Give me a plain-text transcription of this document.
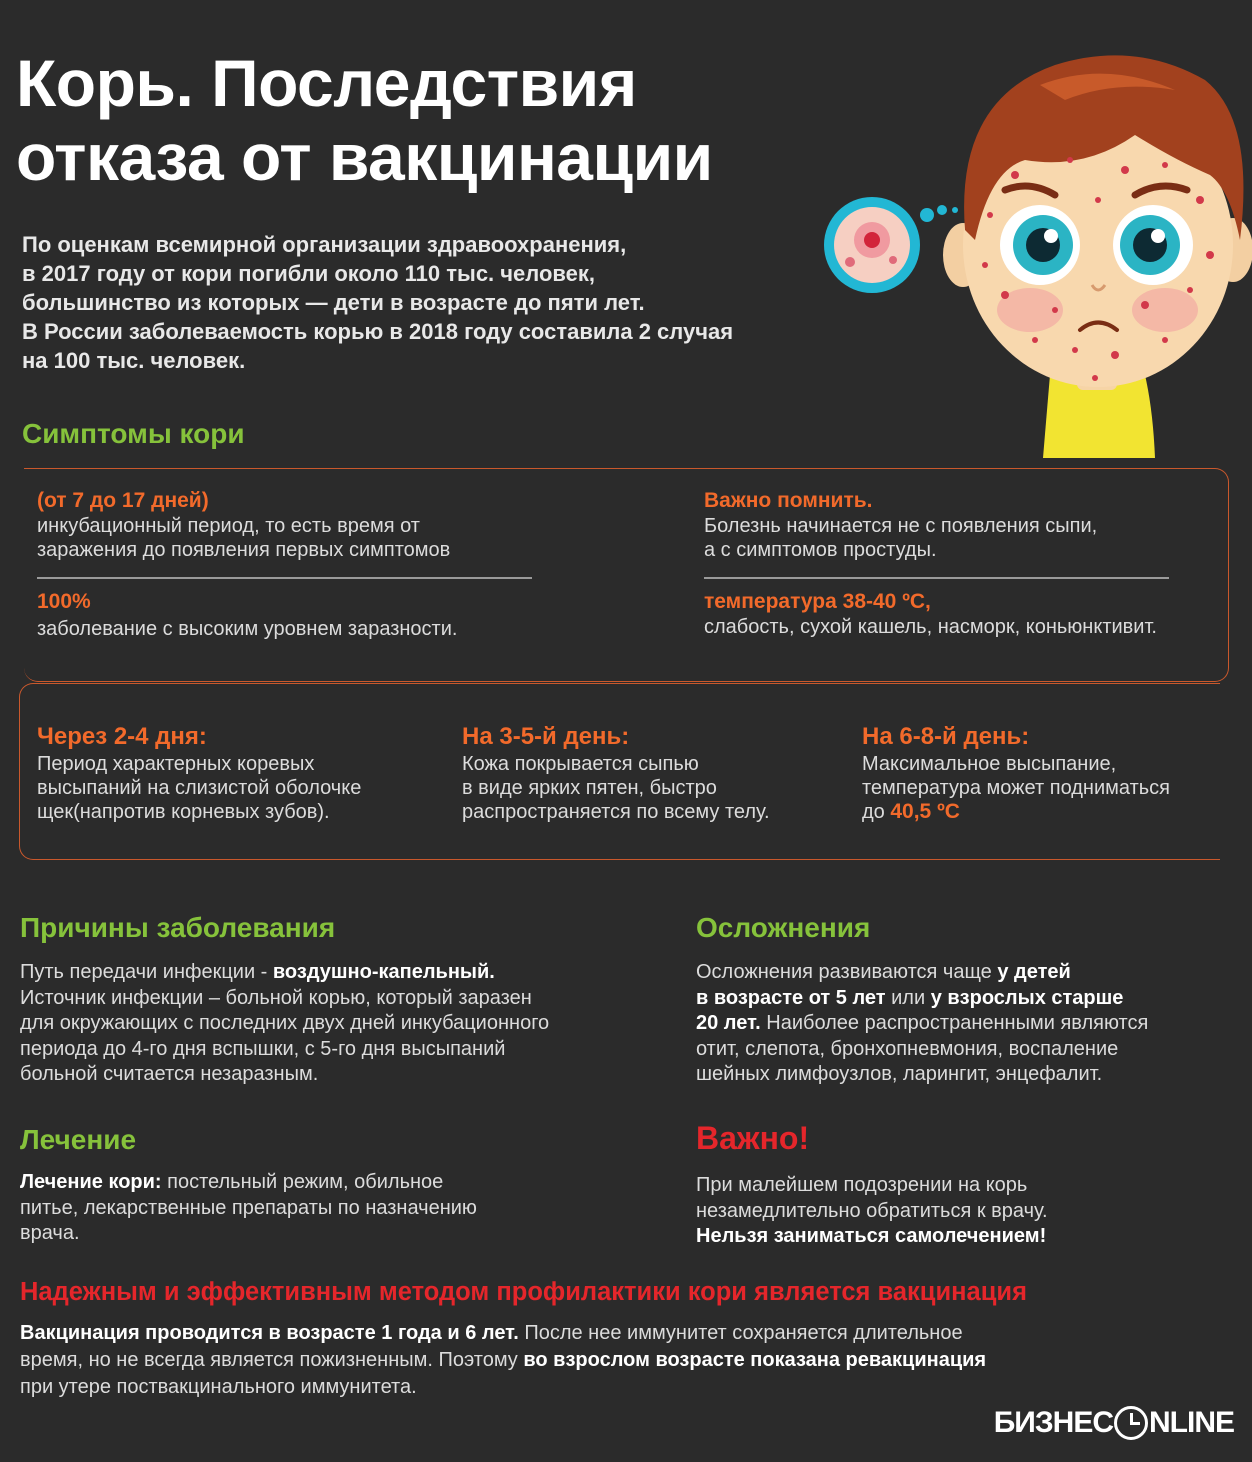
Корь. Последствия
отказа от вакцинации
По оценкам всемирной организации здравоохранения,
в 2017 году от кори погибли около 110 тыс. человек,
большинство из которых — дети в возрасте до пяти лет.
В России заболеваемость корью в 2018 году составила 2 случая
на 100 тыс. человек.
Симптомы кори
(от 7 до 17 дней)
инкубационный период, то есть время от
заражения до появления первых симптомов
100%
заболевание с высоким уровнем заразности.
Важно помнить.
Болезнь начинается не с появления сыпи,
а с симптомов простуды.
температура 38-40 ºС,
слабость, сухой кашель, насморк, коньюнктивит.
Через 2-4 дня:
Период характерных коревых
высыпаний на слизистой оболочке
щек(напротив корневых зубов).
На 3-5-й день:
Кожа покрывается сыпью
в виде ярких пятен, быстро
распространяется по всему телу.
На 6-8-й день:
Максимальное высыпание,
температура может подниматься
до 40,5 ºС
Причины заболевания
Путь передачи инфекции - воздушно-капельный.
Источник инфекции – больной корью, который заразен
для окружающих с последних двух дней инкубационного
периода до 4-го дня вспышки, с 5-го дня высыпаний
больной считается незаразным.
Осложнения
Осложнения развиваются чаще у детей
в возрасте от 5 лет или у взрослых старше
20 лет. Наиболее распространенными являются
отит, слепота, бронхопневмония, воспаление
шейных лимфоузлов, ларингит, энцефалит.
Лечение
Лечение кори: постельный режим, обильное
питье, лекарственные препараты по назначению
врача.
Важно!
При малейшем подозрении на корь
незамедлительно обратиться к врачу.
Нельзя заниматься самолечением!
Надежным и эффективным методом профилактики кори является вакцинация
Вакцинация проводится в возрасте 1 года и 6 лет. После нее иммунитет сохраняется длительное
время, но не всегда является пожизненным. Поэтому во взрослом возрасте показана ревакцинация
при утере поствакцинального иммунитета.
БИЗНЕС NLINE
